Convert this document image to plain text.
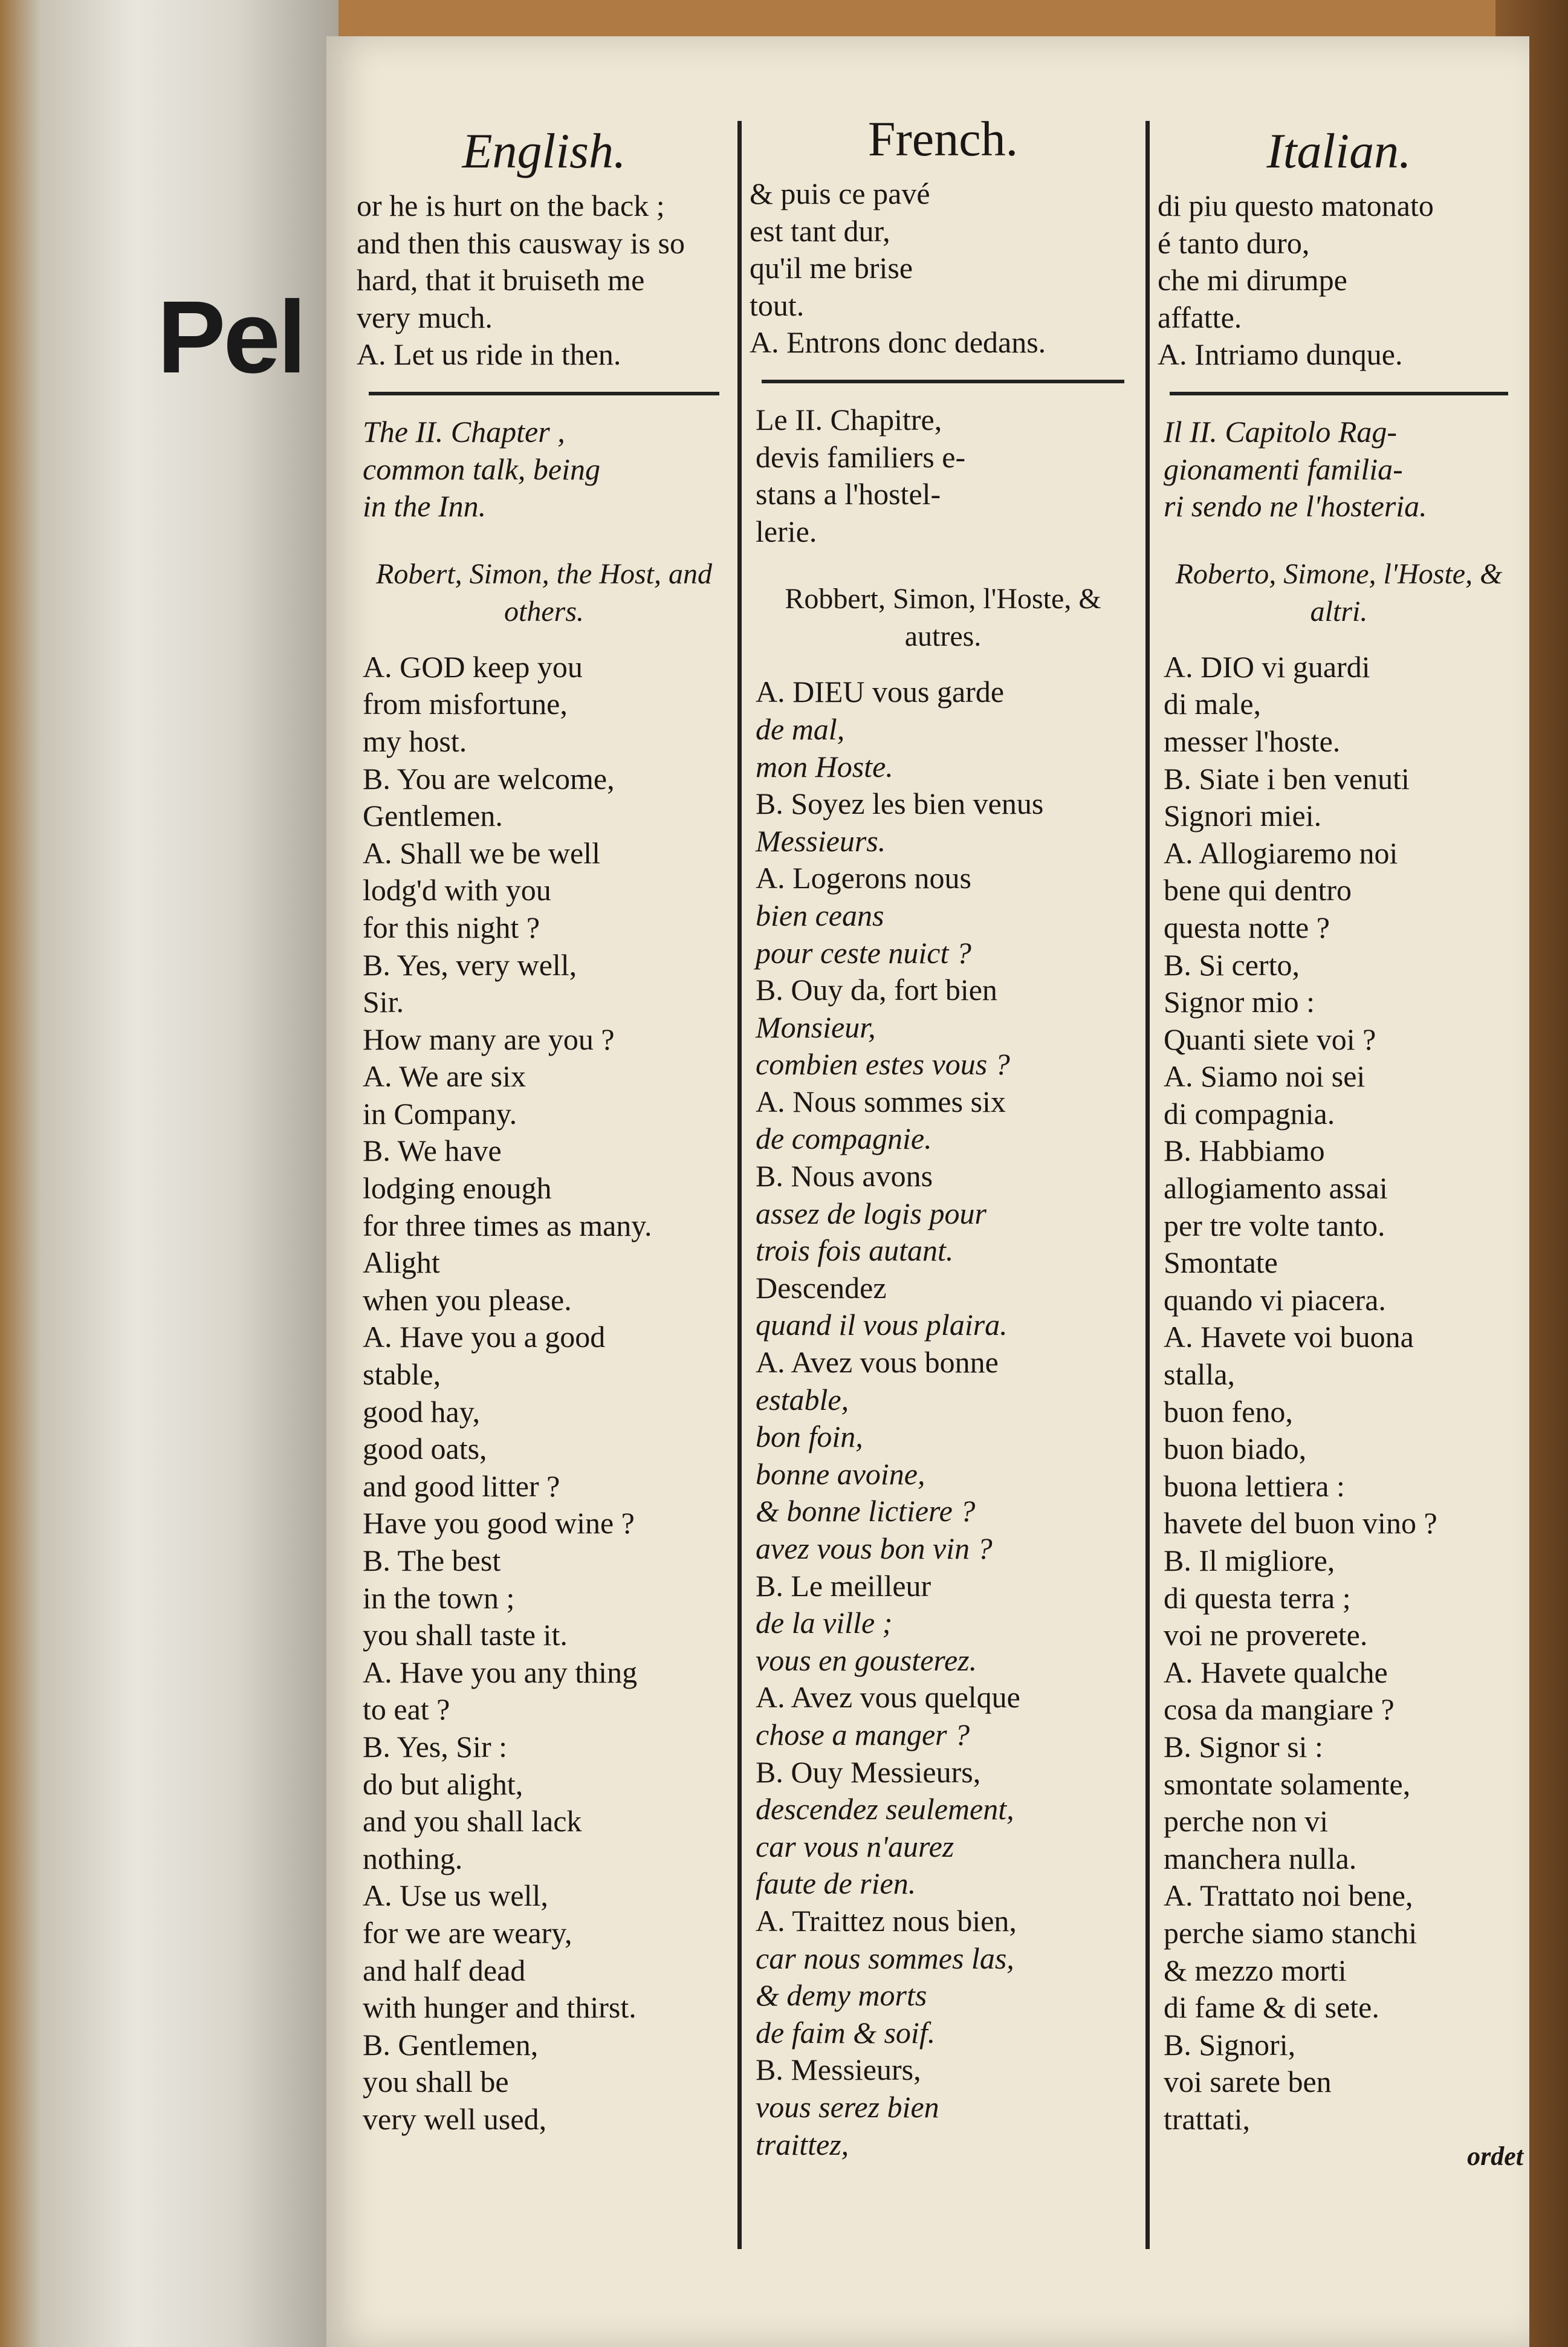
Pel
English.
or he is hurt on the back ;
and then this causway is so
hard, that it bruiseth me
very much.
A. Let us ride in then.
The II. Chapter ,
common talk, being
in the Inn.
Robert, Simon, the Host, and others.
A. GOD keep you
from misfortune,
my host.
B. You are welcome,
Gentlemen.
A. Shall we be well
lodg'd with you
for this night ?
B. Yes, very well,
Sir.
How many are you ?
A. We are six
in Company.
B. We have
lodging enough
for three times as many.
Alight
when you please.
A. Have you a good
stable,
good hay,
good oats,
and good litter ?
Have you good wine ?
B. The best
in the town ;
you shall taste it.
A. Have you any thing
to eat ?
B. Yes, Sir :
do but alight,
and you shall lack
nothing.
A. Use us well,
for we are weary,
and half dead
with hunger and thirst.
B. Gentlemen,
you shall be
very well used,
French.
& puis ce pavé
est tant dur,
qu'il me brise
tout.
A. Entrons donc dedans.
Le II. Chapitre,
devis familiers e-
stans a l'hostel-
lerie.
Robbert, Simon, l'Hoste, & autres.
A. DIEU vous garde
de mal,
mon Hoste.
B. Soyez les bien venus
Messieurs.
A. Logerons nous
bien ceans
pour ceste nuict ?
B. Ouy da, fort bien
Monsieur,
combien estes vous ?
A. Nous sommes six
de compagnie.
B. Nous avons
assez de logis pour
trois fois autant.
Descendez
quand il vous plaira.
A. Avez vous bonne
estable,
bon foin,
bonne avoine,
& bonne lictiere ?
avez vous bon vin ?
B. Le meilleur
de la ville ;
vous en gousterez.
A. Avez vous quelque
chose a manger ?
B. Ouy Messieurs,
descendez seulement,
car vous n'aurez
faute de rien.
A. Traittez nous bien,
car nous sommes las,
& demy morts
de faim & soif.
B. Messieurs,
vous serez bien
traittez,
Italian.
di piu questo matonato
é tanto duro,
che mi dirumpe
affatte.
A. Intriamo dunque.
Il II. Capitolo Rag-
gionamenti familia-
ri sendo ne l'hosteria.
Roberto, Simone, l'Hoste, & altri.
A. DIO vi guardi
di male,
messer l'hoste.
B. Siate i ben venuti
Signori miei.
A. Allogiaremo noi
bene qui dentro
questa notte ?
B. Si certo,
Signor mio :
Quanti siete voi ?
A. Siamo noi sei
di compagnia.
B. Habbiamo
allogiamento assai
per tre volte tanto.
Smontate
quando vi piacera.
A. Havete voi buona
stalla,
buon feno,
buon biado,
buona lettiera :
havete del buon vino ?
B. Il migliore,
di questa terra ;
voi ne proverete.
A. Havete qualche
cosa da mangiare ?
B. Signor si :
smontate solamente,
perche non vi
manchera nulla.
A. Trattato noi bene,
perche siamo stanchi
& mezzo morti
di fame & di sete.
B. Signori,
voi sarete ben
trattati,
ordet
